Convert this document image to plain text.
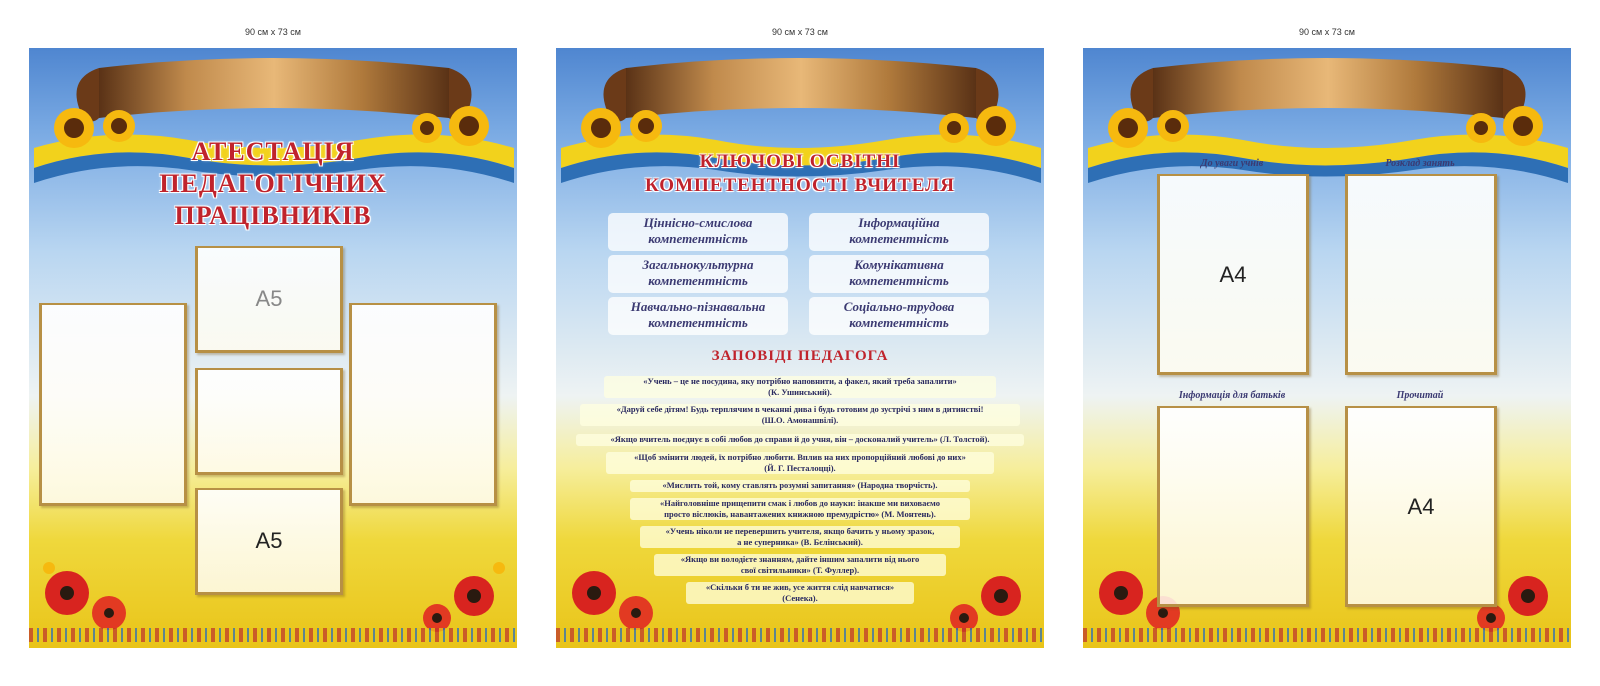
90 см х 73 см	90 см х 73 см	90 см х 73 см
АТЕСТАЦІЯ
ПЕДАГОГІЧНИХ
ПРАЦІВНИКІВ
A5
A5
КЛЮЧОВІ ОСВІТНІ
КОМПЕТЕНТНОСТІ ВЧИТЕЛЯ
Ціннісно-смислова
компетентність
Інформаційна
компетентність
Загальнокультурна
компетентність
Комунікативна
компетентність
Навчально-пізнавальна
компетентність
Соціально-трудова
компетентність
ЗАПОВІДІ ПЕДАГОГА
«Учень – це не посудина, яку потрібно наповнити, а факел, який треба запалити»
(К. Ушинський).
«Даруй себе дітям! Будь терплячим в чеканні дива і будь готовим до зустрічі з ним в дитинстві!
(Ш.О. Амонашвілі).
«Якщо вчитель поєднує в собі любов до справи й до учня, він – досконалий учитель» (Л. Толстой).
«Щоб змінити людей, їх потрібно любити. Вплив на них пропорційний любові до них»
(Й. Г. Песталоцці).
«Мислить той, кому ставлять розумні запитання» (Народна творчість).
«Найголовніше прищепити смак і любов до науки: інакше ми виховаємо
просто віслюків, навантажених книжною премудрістю» (М. Монтень).
«Учень ніколи не перевершить учителя, якщо бачить у ньому зразок,
а не суперника» (В. Бєлінський).
«Якщо ви володієте знанням, дайте іншим запалити від нього
свої світильники» (Т. Фуллер).
«Скільки б ти не жив, усе життя слід навчатися»
(Сенека).
До уваги учнів	Розклад занять
A4
Інформація для батьків	Прочитай
A4
